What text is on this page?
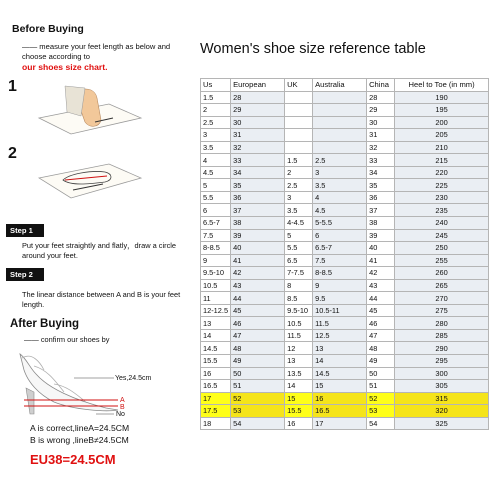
Before Buying
—— measure your feet length as below and choose according to
our shoes size chart.
1
2
Step 1
Put your feet straightly and flatly，draw a circle around your feet.
Step 2
The linear distance between A and B is your feet length.
After Buying
—— confirm our shoes by
Yes,24.5cm
A
B
No
A is correct,lineA=24.5CM
B is wrong ,lineB≠24.5CM
EU38=24.5CM
Women's shoe size reference table
Us	European	UK	Australia	China	Heel to Toe (in mm)
1.5	28			28	190
2	29			29	195
2.5	30			30	200
3	31			31	205
3.5	32			32	210
4	33	1.5	2.5	33	215
4.5	34	2	3	34	220
5	35	2.5	3.5	35	225
5.5	36	3	4	36	230
6	37	3.5	4.5	37	235
6.5-7	38	4-4.5	5-5.5	38	240
7.5	39	5	6	39	245
8-8.5	40	5.5	6.5-7	40	250
9	41	6.5	7.5	41	255
9.5-10	42	7-7.5	8-8.5	42	260
10.5	43	8	9	43	265
11	44	8.5	9.5	44	270
12-12.5	45	9.5-10	10.5-11	45	275
13	46	10.5	11.5	46	280
14	47	11.5	12.5	47	285
14.5	48	12	13	48	290
15.5	49	13	14	49	295
16	50	13.5	14.5	50	300
16.5	51	14	15	51	305
17	52	15	16	52	315
17.5	53	15.5	16.5	53	320
18	54	16	17	54	325
